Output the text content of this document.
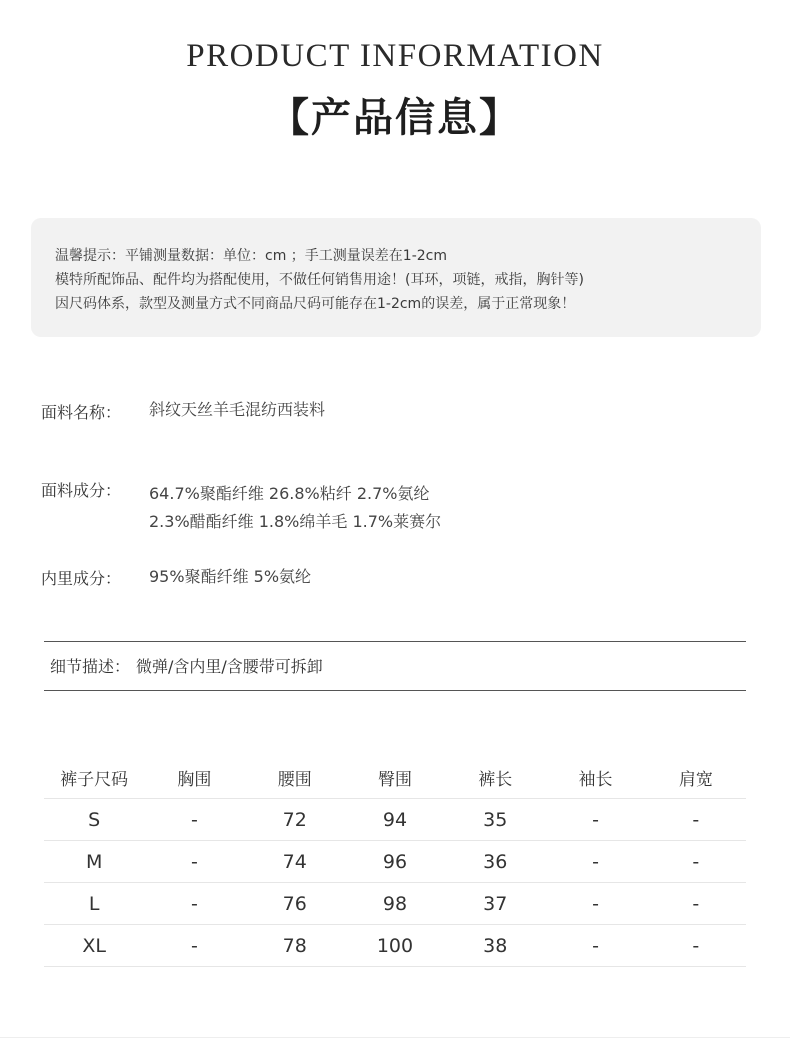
PRODUCT INFORMATION
【产品信息】
温馨提示：平铺测量数据：单位：cm ；手工测量误差在1-2cm
模特所配饰品、配件均为搭配使用，不做任何销售用途！(耳环，项链，戒指，胸针等)
因尺码体系，款型及测量方式不同商品尺码可能存在1-2cm的误差，属于正常现象！
面料名称： 斜纹天丝羊毛混纺西装料
面料成分： 64.7%聚酯纤维 26.8%粘纤 2.7%氨纶
2.3%醋酯纤维 1.8%绵羊毛 1.7%莱赛尔
内里成分： 95%聚酯纤维 5%氨纶
细节描述： 微弹/含内里/含腰带可拆卸
裤子尺码	胸围	腰围	臀围	裤长	袖长	肩宽
S	-	72	94	35	-	-
M	-	74	96	36	-	-
L	-	76	98	37	-	-
XL	-	78	100	38	-	-
